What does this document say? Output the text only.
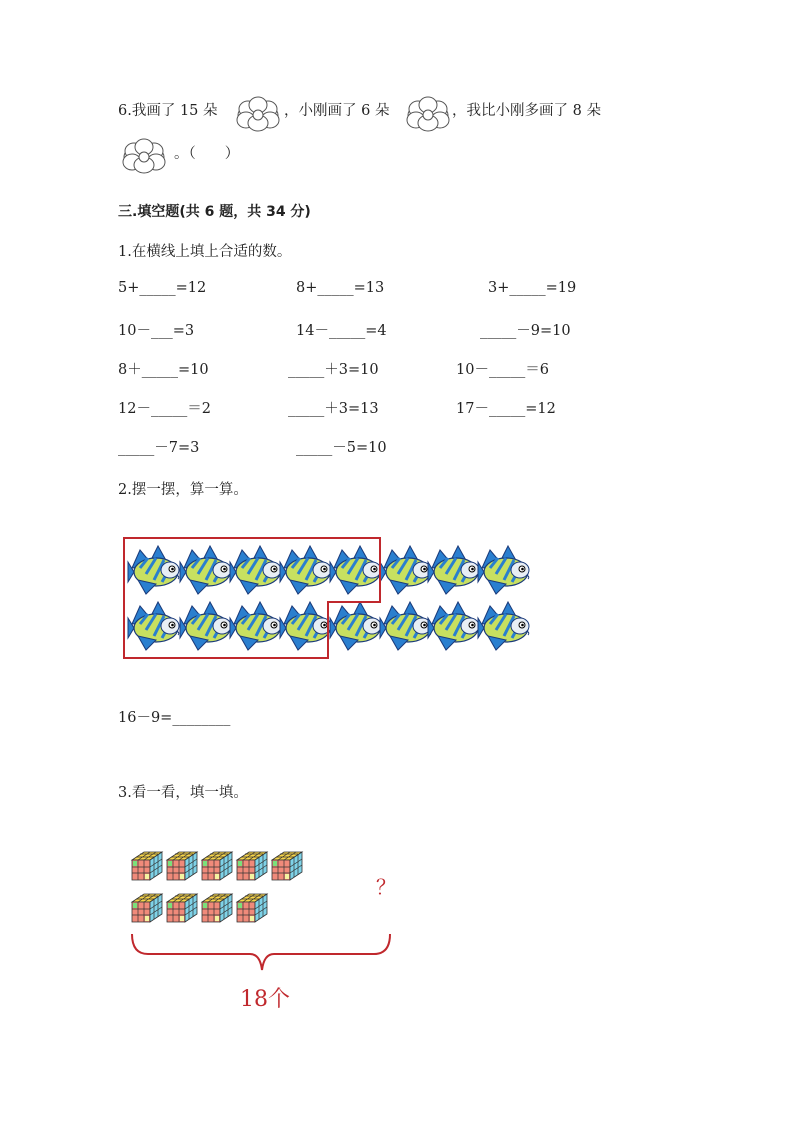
6.我画了 15 朵	，小刚画了 6 朵	，我比小刚多画了 8 朵
。（　　）
三.填空题(共 6 题，共 34 分)
1.在横线上填上合适的数。
5+_____=12	8+_____=13	3+_____=19
10－___=3	14－_____=4	_____－9=10
8＋_____=10	_____＋3=10	10－_____＝6
12－_____＝2	_____＋3=13	17－_____=12
_____－7=3	_____－5=10
2.摆一摆，算一算。
16－9=________
3.看一看，填一填。
？
18个
